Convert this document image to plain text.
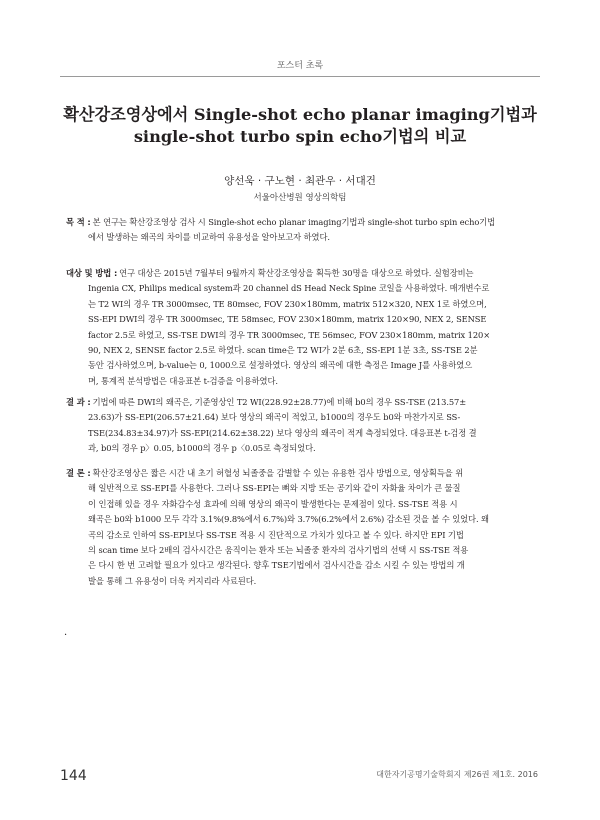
포스터 초록
확산강조영상에서 Single-shot echo planar imaging기법과
single-shot turbo spin echo기법의 비교
양선욱 · 구노현 · 최관우 · 서대건
서울아산병원 영상의학팀
목 적 : 본 연구는 확산강조영상 검사 시 Single-shot echo planar imaging기법과 single-shot turbo spin echo기법
에서 발생하는 왜곡의 차이를 비교하여 유용성을 알아보고자 하였다.
대상 및 방법 : 연구 대상은 2015년 7월부터 9월까지 확산강조영상을 획득한 30명을 대상으로 하였다. 실험장비는
Ingenia CX, Philips medical system과 20 channel dS Head Neck Spine 코일을 사용하였다. 매개변수로
는 T2 WI의 경우 TR 3000msec, TE 80msec, FOV 230×180mm, matrix 512×320, NEX 1로 하였으며,
SS-EPI DWI의 경우 TR 3000msec, TE 58msec, FOV 230×180mm, matrix 120×90, NEX 2, SENSE
factor 2.5로 하였고, SS-TSE DWI의 경우 TR 3000msec, TE 56msec, FOV 230×180mm, matrix 120×
90, NEX 2, SENSE factor 2.5로 하였다. scan time은 T2 WI가 2분 6초, SS-EPI 1분 3초, SS-TSE 2분
동안 검사하였으며, b-value는 0, 1000으로 설정하였다. 영상의 왜곡에 대한 측정은 Image J를 사용하였으
며, 통계적 분석방법은 대응표본 t-검증을 이용하였다.
결 과 : 기법에 따른 DWI의 왜곡은, 기준영상인 T2 WI(228.92±28.77)에 비해 b0의 경우 SS-TSE (213.57±
23.63)가 SS-EPI(206.57±21.64) 보다 영상의 왜곡이 적었고, b1000의 경우도 b0와 마찬가지로 SS-
TSE(234.83±34.97)가 SS-EPI(214.62±38.22) 보다 영상의 왜곡이 적게 측정되었다. 대응표본 t-검정 결
과, b0의 경우 p〉0.05, b1000의 경우 p〈0.05로 측정되었다.
결 론 : 확산강조영상은 짧은 시간 내 초기 허혈성 뇌졸중을 감별할 수 있는 유용한 검사 방법으로, 영상획득을 위
해 일반적으로 SS-EPI를 사용한다. 그러나 SS-EPI는 뼈와 지방 또는 공기와 같이 자화율 차이가 큰 물질
이 인접해 있을 경우 자화감수성 효과에 의해 영상의 왜곡이 발생한다는 문제점이 있다. SS-TSE 적용 시
왜곡은 b0와 b1000 모두 각각 3.1%(9.8%에서 6.7%)와 3.7%(6.2%에서 2.6%) 감소된 것을 볼 수 있었다. 왜
곡의 감소로 인하여 SS-EPI보다 SS-TSE 적용 시 진단적으로 가치가 있다고 볼 수 있다. 하지만 EPI 기법
의 scan time 보다 2배의 검사시간은 움직이는 환자 또는 뇌졸중 환자의 검사기법의 선택 시 SS-TSE 적용
은 다시 한 번 고려할 필요가 있다고 생각된다. 향후 TSE기법에서 검사시간을 감소 시킬 수 있는 방법의 개
발을 통해 그 유용성이 더욱 커지리라 사료된다.
·
144	대한자기공명기술학회지 제26권 제1호. 2016
